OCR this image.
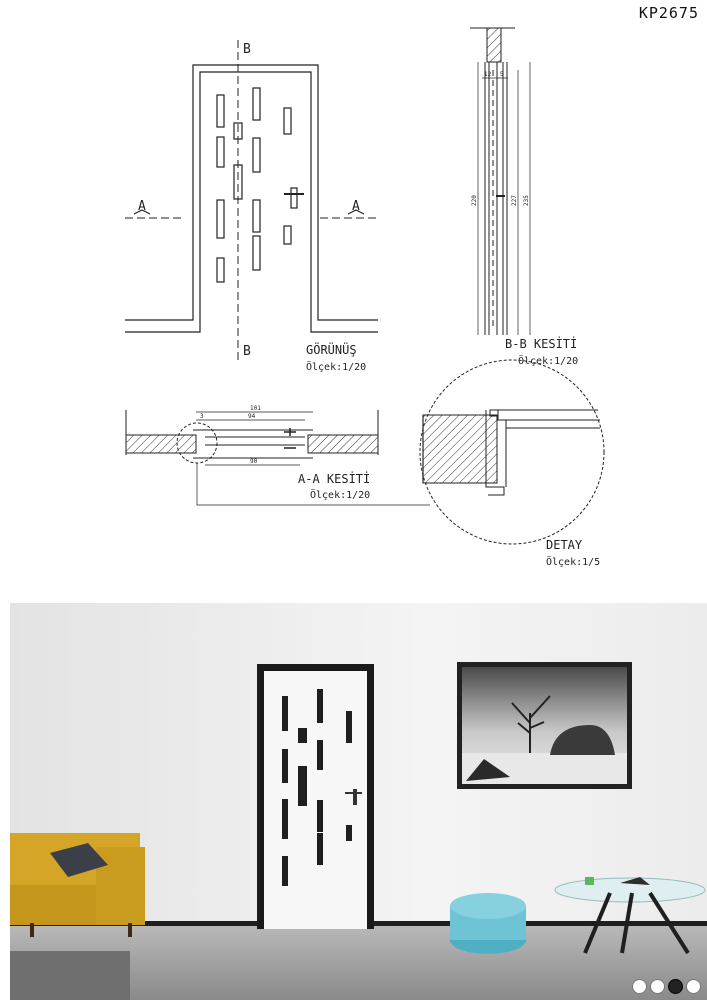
B
B
A	A
GÖRÜNÜŞ
Ölçek:1/20
12 5
220	227 235
B-B KESİTİ
Ölçek:1/20
101
94
3
90
A-A KESİTİ
Ölçek:1/20
DETAY
Ölçek:1/5
KP2675
